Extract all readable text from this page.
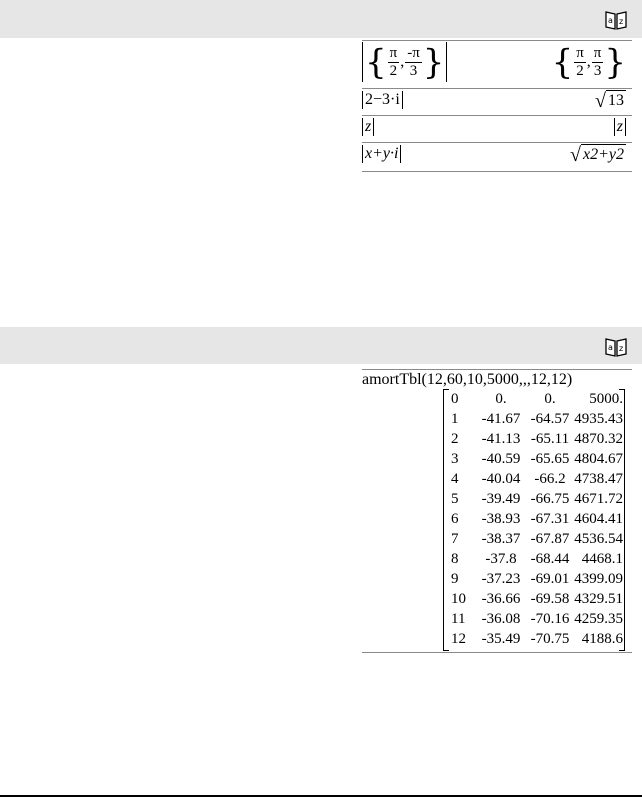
a z
{ $\frac{\pi}{2}$ , $\frac{-\pi}{3}$ }	{ $\frac{\pi}{2}$ , $\frac{\pi}{3}$ }
2−3·i	√ 13
z	z
x+y·i	√ x2+y2
a z
amortTbl(12,60,10,5000,,,12,12)
0	0.	0.	5000.
1	-41.67	-64.57	4935.43
2	-41.13	-65.11	4870.32
3	-40.59	-65.65	4804.67
4	-40.04	-66.2	4738.47
5	-39.49	-66.75	4671.72
6	-38.93	-67.31	4604.41
7	-38.37	-67.87	4536.54
8	-37.8	-68.44	4468.1
9	-37.23	-69.01	4399.09
10	-36.66	-69.58	4329.51
11	-36.08	-70.16	4259.35
12	-35.49	-70.75	4188.6
